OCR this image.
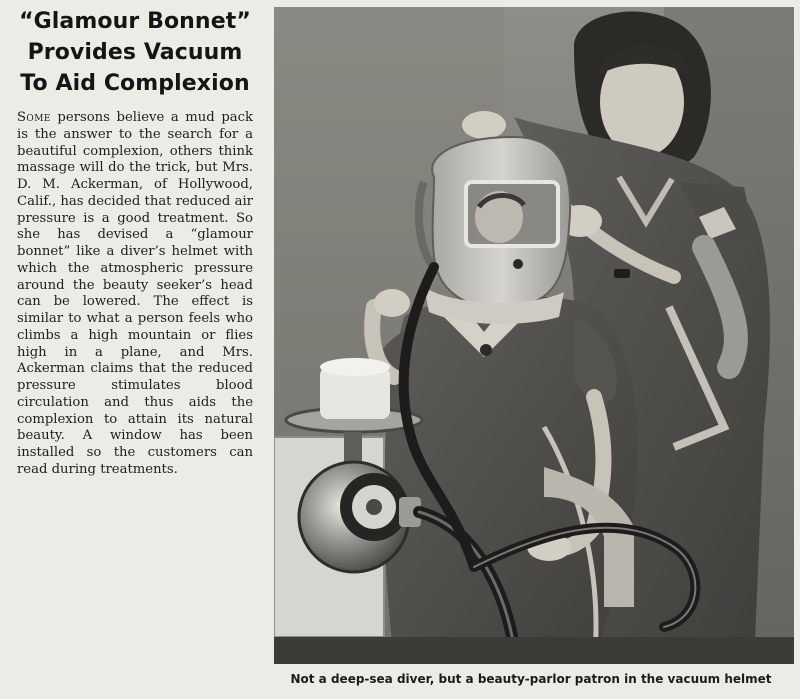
“Glamour Bonnet”
Provides Vacuum
To Aid Complexion

Some persons believe a mud pack is the answer to the search for a beautiful complexion, others think massage will do the trick, but Mrs. D. M. Ackerman, of Hollywood, Calif., has decided that reduced air pressure is a good treatment. So she has devised a “glamour bonnet” like a diver’s helmet with which the atmospheric pressure around the beauty seeker’s head can be lowered. The effect is similar to what a person feels who climbs a high mountain or flies high in a plane, and Mrs. Ackerman claims that the reduced pressure stimulates blood circulation and thus aids the complexion to attain its natural beauty. A window has been installed so the customers can read during treatments.

Not a deep-sea diver, but a beauty-parlor patron in the vacuum helmet
